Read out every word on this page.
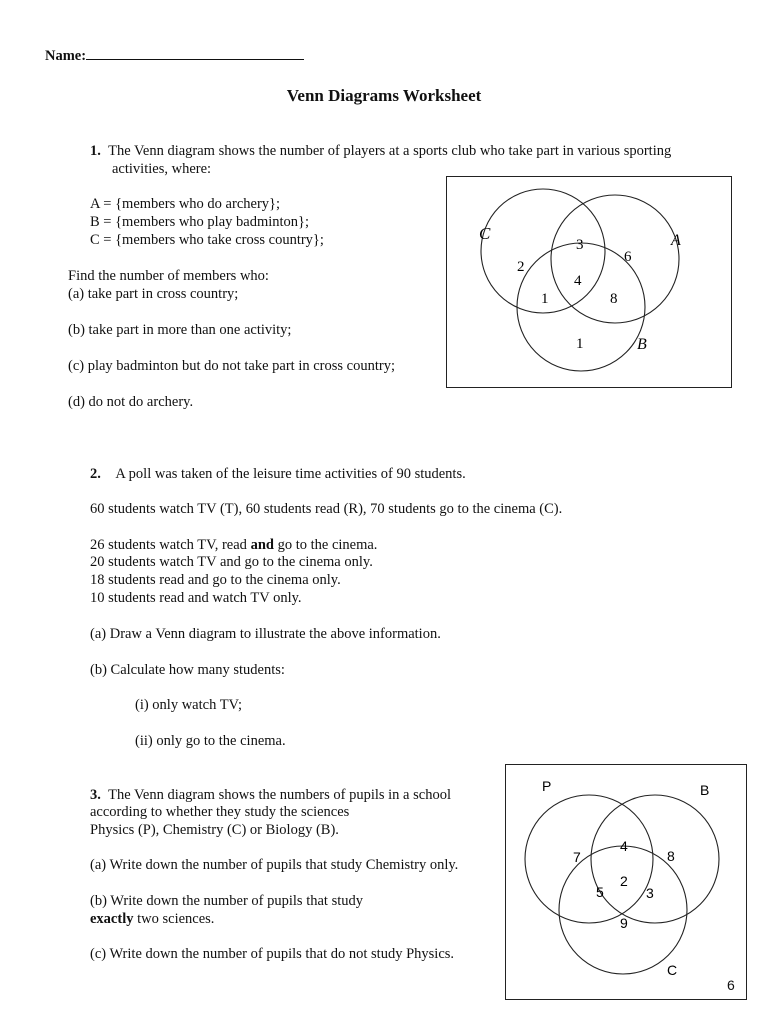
Name:

Venn Diagrams Worksheet

1. The Venn diagram shows the number of players at a sports club who take part in various sporting

activities, where:

A = {members who do archery};

B = {members who play badminton};

C = {members who take cross country};

Find the number of members who:

(a) take part in cross country;

(b) take part in more than one activity;

(c) play badminton but do not take part in cross country;

(d) do not do archery.

C	A
B
2
3
6
4
1	8
1

2. A poll was taken of the leisure time activities of 90 students.

60 students watch TV (T), 60 students read (R), 70 students go to the cinema (C).

26 students watch TV, read and go to the cinema.

20 students watch TV and go to the cinema only.

18 students read and go to the cinema only.

10 students read and watch TV only.

(a) Draw a Venn diagram to illustrate the above information.

(b) Calculate how many students:

(i) only watch TV;

(ii) only go to the cinema.

3. The Venn diagram shows the numbers of pupils in a school

according to whether they study the sciences

Physics (P), Chemistry (C) or Biology (B).

(a) Write down the number of pupils that study Chemistry only.

(b) Write down the number of pupils that study

exactly two sciences.

(c) Write down the number of pupils that do not study Physics.

P	B
C
7
4
8
5
2
3
9

6
